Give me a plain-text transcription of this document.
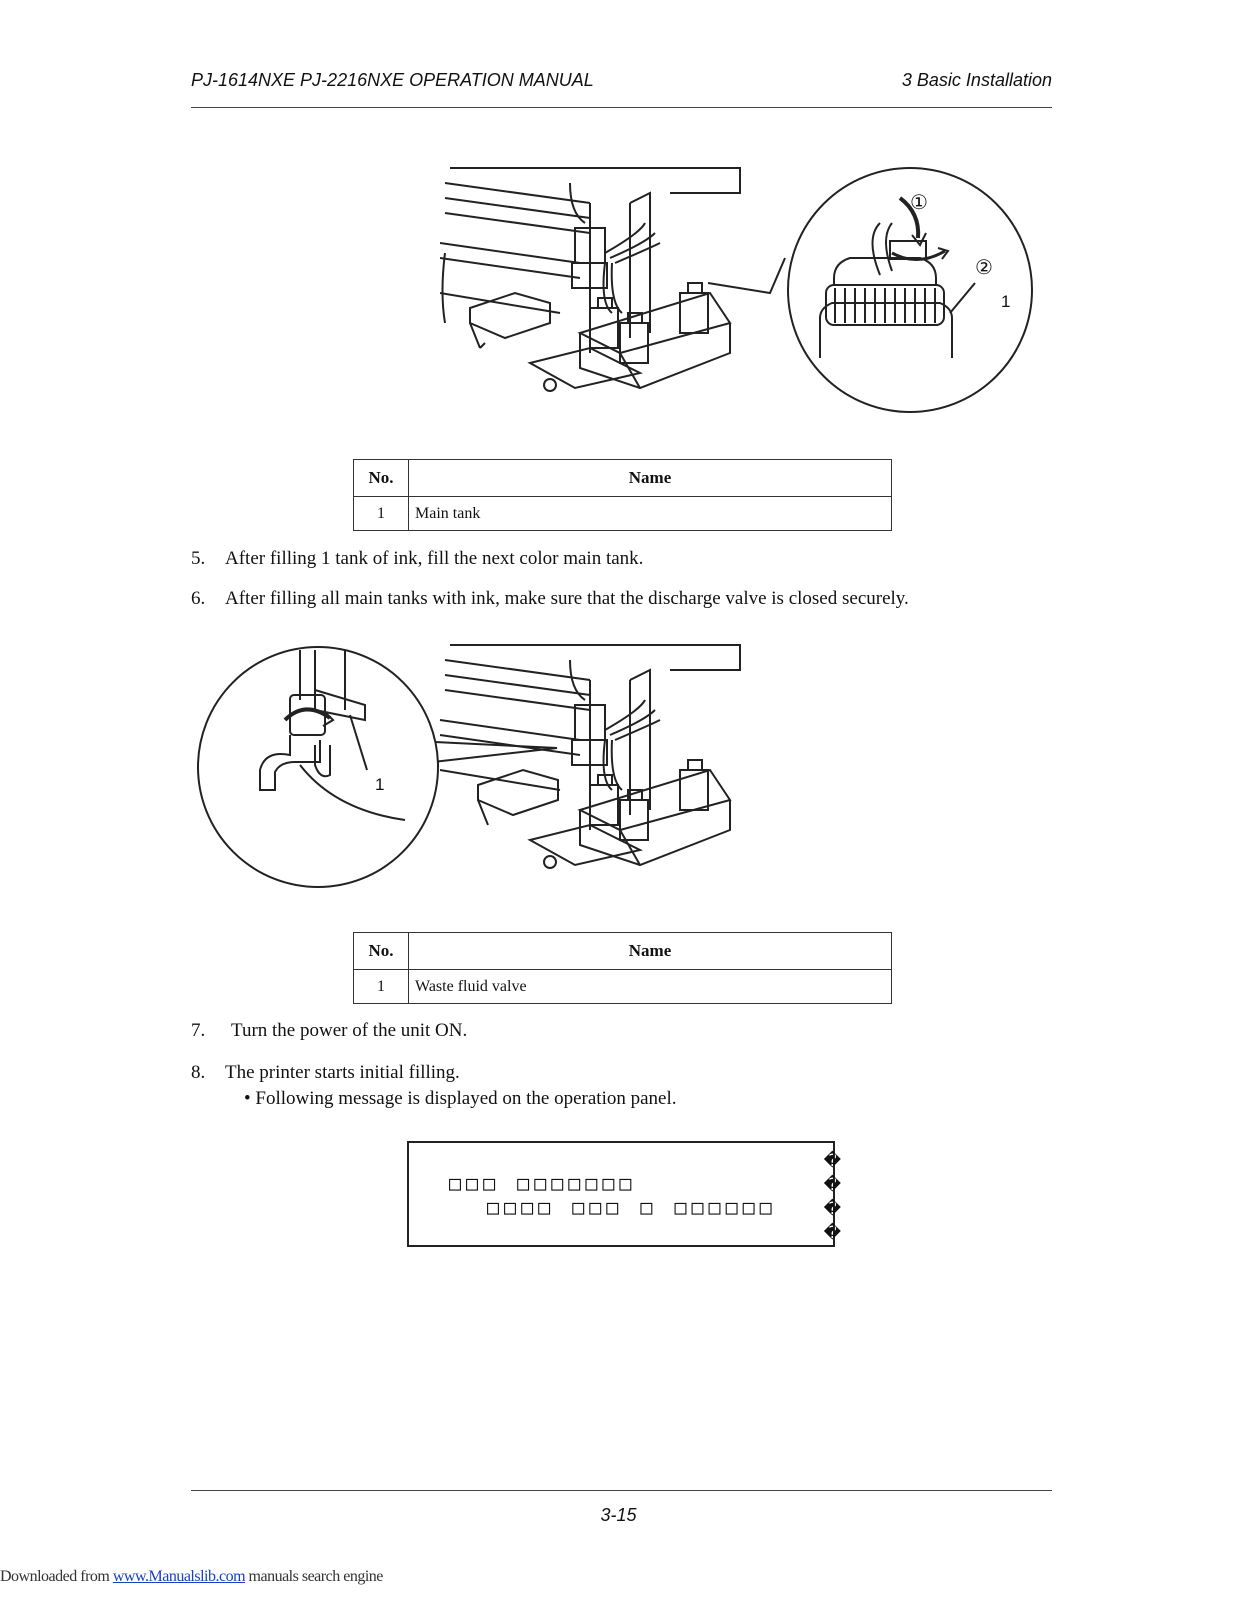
PJ-1614NXE PJ-2216NXE OPERATION MANUAL	3 Basic Installation
①
②
1
No.	Name
1	Main tank
5. After filling 1 tank of ink, fill the next color main tank.
6. After filling all main tanks with ink, make sure that the discharge valve is closed securely.
1
No.	Name
1	Waste fluid valve
7. Turn the power of the unit ON.
8. The printer starts initial filling.
• Following message is displayed on the operation panel.
□□□ □□□□□□□
□□□□ □□□ □ □□□□□□
�
�
�
�
3-15
Downloaded from www.Manualslib.com manuals search engine
